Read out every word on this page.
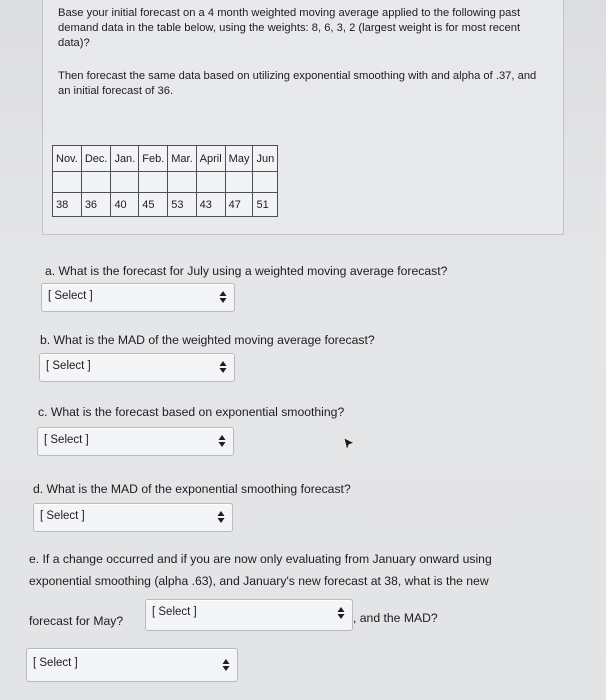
Base your initial forecast on a 4 month weighted moving average applied to the following past demand data in the table below, using the weights: 8, 6, 3, 2 (largest weight is for most recent data)?

Then forecast the same data based on utilizing exponential smoothing with and alpha of .37, and an initial forecast of 36.

Nov.	Dec.	Jan.	Feb.	Mar.	April	May	Jun

38	36	40	45	53	43	47	51

a. What is the forecast for July using a weighted moving average forecast?

[ Select ]

b. What is the MAD of the weighted moving average forecast?

[ Select ]

c. What is the forecast based on exponential smoothing?

[ Select ]

d. What is the MAD of the exponential smoothing forecast?

[ Select ]

e. If a change occurred and if you are now only evaluating from January onward using

exponential smoothing (alpha .63), and January's new forecast at 38, what is the new

forecast for May?

[ Select ]	, and the MAD?

[ Select ]
